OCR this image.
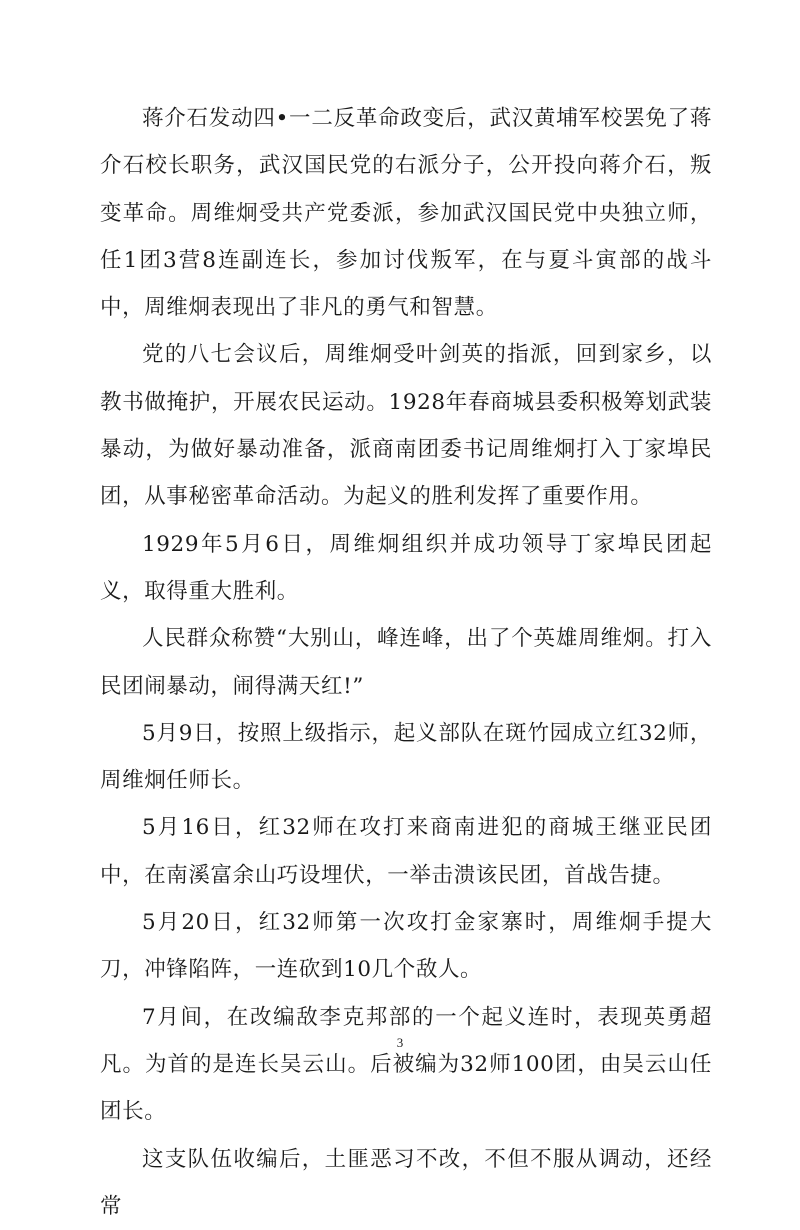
蒋介石发动四•一二反革命政变后，武汉黄埔军校罢免了蒋介石校长职务，武汉国民党的右派分子，公开投向蒋介石，叛变革命。周维炯受共产党委派，参加武汉国民党中央独立师，任1团3营8连副连长，参加讨伐叛军，在与夏斗寅部的战斗中，周维炯表现出了非凡的勇气和智慧。

党的八七会议后，周维炯受叶剑英的指派，回到家乡，以教书做掩护，开展农民运动。1928年春商城县委积极筹划武装暴动，为做好暴动准备，派商南团委书记周维炯打入丁家埠民团，从事秘密革命活动。为起义的胜利发挥了重要作用。

1929年5月6日，周维炯组织并成功领导丁家埠民团起义，取得重大胜利。

人民群众称赞“大别山，峰连峰，出了个英雄周维炯。打入民团闹暴动，闹得满天红!”

5月9日，按照上级指示，起义部队在斑竹园成立红32师，周维炯任师长。

5月16日，红32师在攻打来商南进犯的商城王继亚民团中，在南溪富余山巧设埋伏，一举击溃该民团，首战告捷。

5月20日，红32师第一次攻打金家寨时，周维炯手提大刀，冲锋陷阵，一连砍到10几个敌人。

7月间，在改编敌李克邦部的一个起义连时，表现英勇超凡。为首的是连长吴云山。后被编为32师100团，由吴云山任团长。

这支队伍收编后，土匪恶习不改，不但不服从调动，还经常

3
